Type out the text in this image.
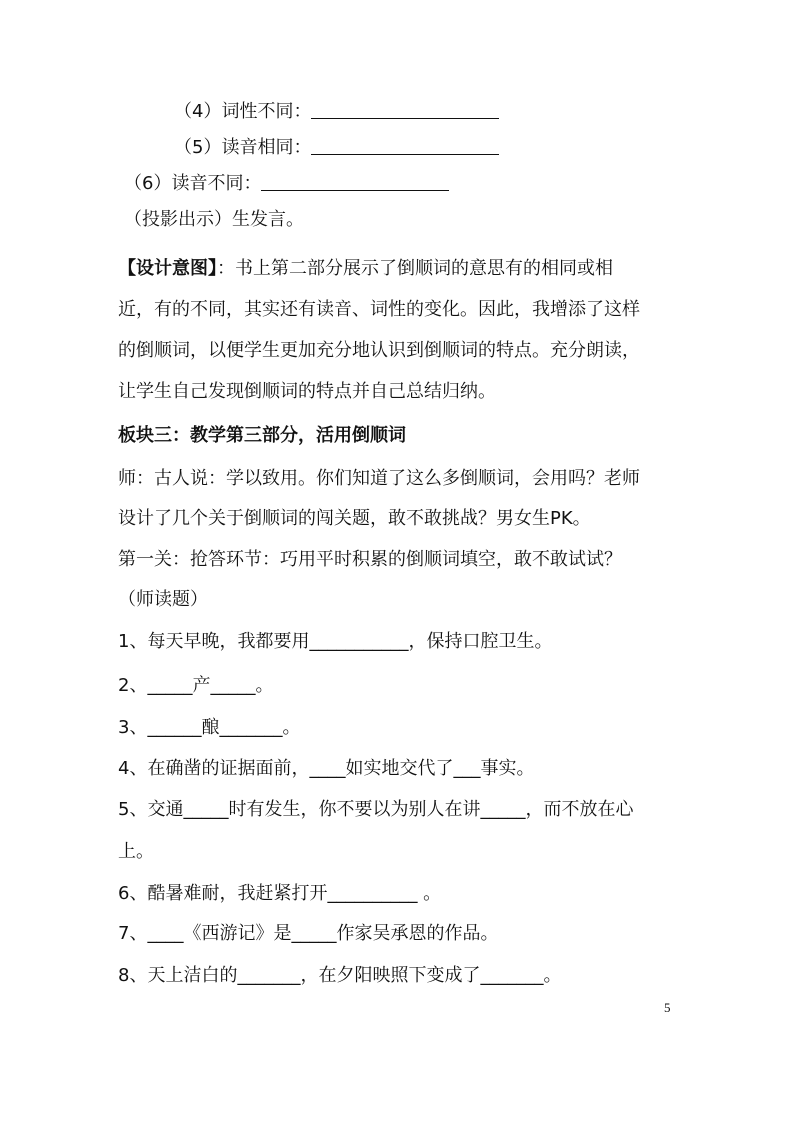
（4）词性不同：
（5）读音相同：
（6）读音不同：
（投影出示）生发言。
【设计意图】：书上第二部分展示了倒顺词的意思有的相同或相
近，有的不同，其实还有读音、词性的变化。因此，我增添了这样
的倒顺词，以便学生更加充分地认识到倒顺词的特点。充分朗读，
让学生自己发现倒顺词的特点并自己总结归纳。
板块三：教学第三部分，活用倒顺词
师：古人说：学以致用。你们知道了这么多倒顺词，会用吗？老师
设计了几个关于倒顺词的闯关题，敢不敢挑战？男女生PK。
第一关：抢答环节：巧用平时积累的倒顺词填空，敢不敢试试？
（师读题）
1、每天早晚，我都要用___________，保持口腔卫生。
2、_____产_____。
3、______酿_______。
4、在确凿的证据面前，____如实地交代了___事实。
5、交通_____时有发生，你不要以为别人在讲_____，而不放在心
上。
6、酷暑难耐，我赶紧打开__________ 。
7、____《西游记》是_____作家吴承恩的作品。
8、天上洁白的_______，在夕阳映照下变成了_______。
5
